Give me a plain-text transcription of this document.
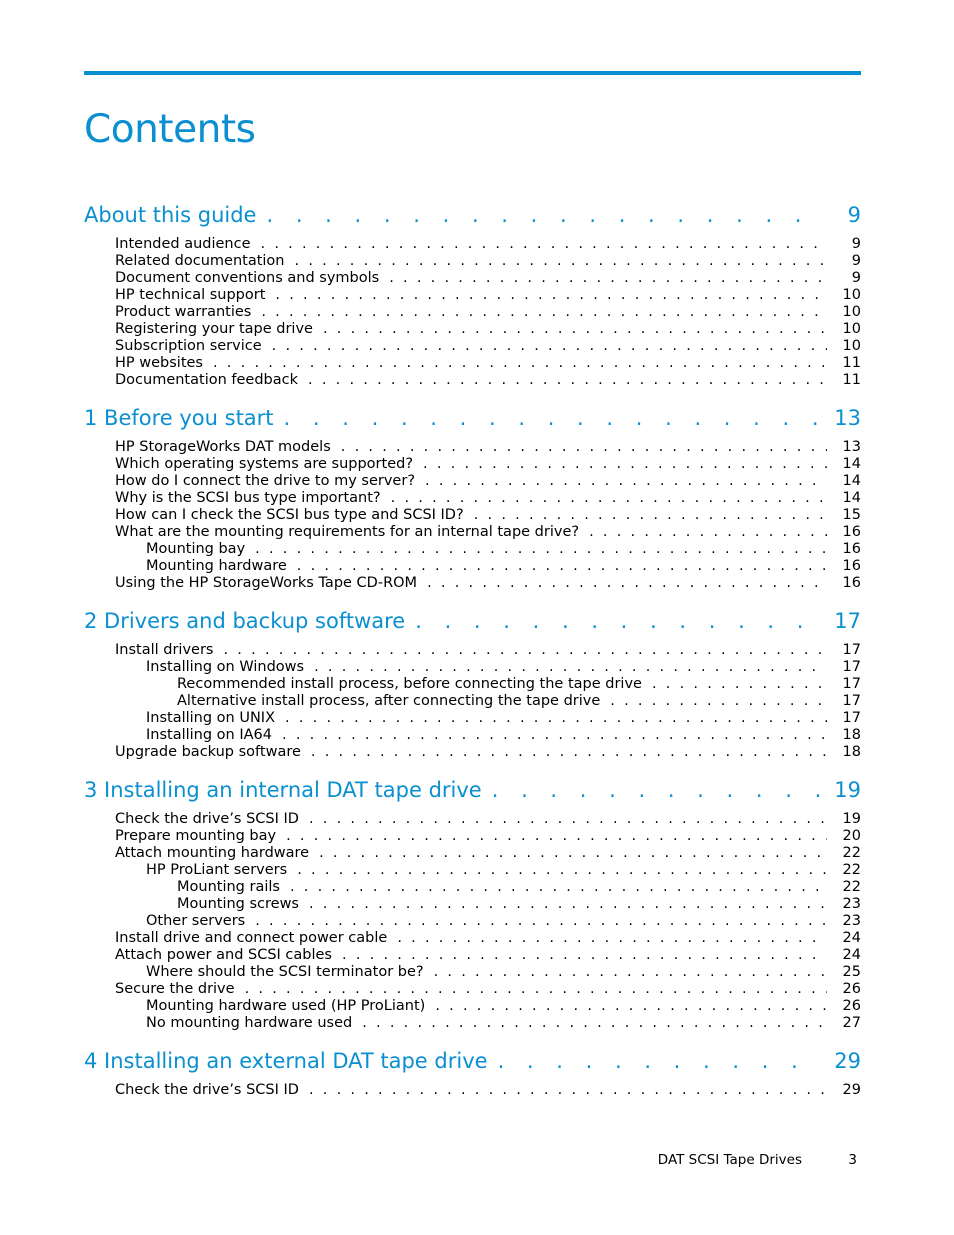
Contents
About this guide . . .	9
Intended audience . . .	9
Related documentation . . .	9
Document conventions and symbols . . .	9
HP technical support . . .	10
Product warranties . . .	10
Registering your tape drive . . .	10
Subscription service . . .	10
HP websites . . .	11
Documentation feedback . . .	11
1 Before you start . . .	13
HP StorageWorks DAT models . . .	13
Which operating systems are supported? . . .	14
How do I connect the drive to my server? . . .	14
Why is the SCSI bus type important? . . .	14
How can I check the SCSI bus type and SCSI ID? . . .	15
What are the mounting requirements for an internal tape drive? . . .	16
Mounting bay . . .	16
Mounting hardware . . .	16
Using the HP StorageWorks Tape CD-ROM . . .	16
2 Drivers and backup software . . .	17
Install drivers . . .	17
Installing on Windows . . .	17
Recommended install process, before connecting the tape drive . . .	17
Alternative install process, after connecting the tape drive . . .	17
Installing on UNIX . . .	17
Installing on IA64 . . .	18
Upgrade backup software . . .	18
3 Installing an internal DAT tape drive . . .	19
Check the drive’s SCSI ID . . .	19
Prepare mounting bay . . .	20
Attach mounting hardware . . .	22
HP ProLiant servers . . .	22
Mounting rails . . .	22
Mounting screws . . .	23
Other servers . . .	23
Install drive and connect power cable . . .	24
Attach power and SCSI cables . . .	24
Where should the SCSI terminator be? . . .	25
Secure the drive . . .	26
Mounting hardware used (HP ProLiant) . . .	26
No mounting hardware used . . .	27
4 Installing an external DAT tape drive . . .	29
Check the drive’s SCSI ID . . .	29
DAT SCSI Tape Drives	3
